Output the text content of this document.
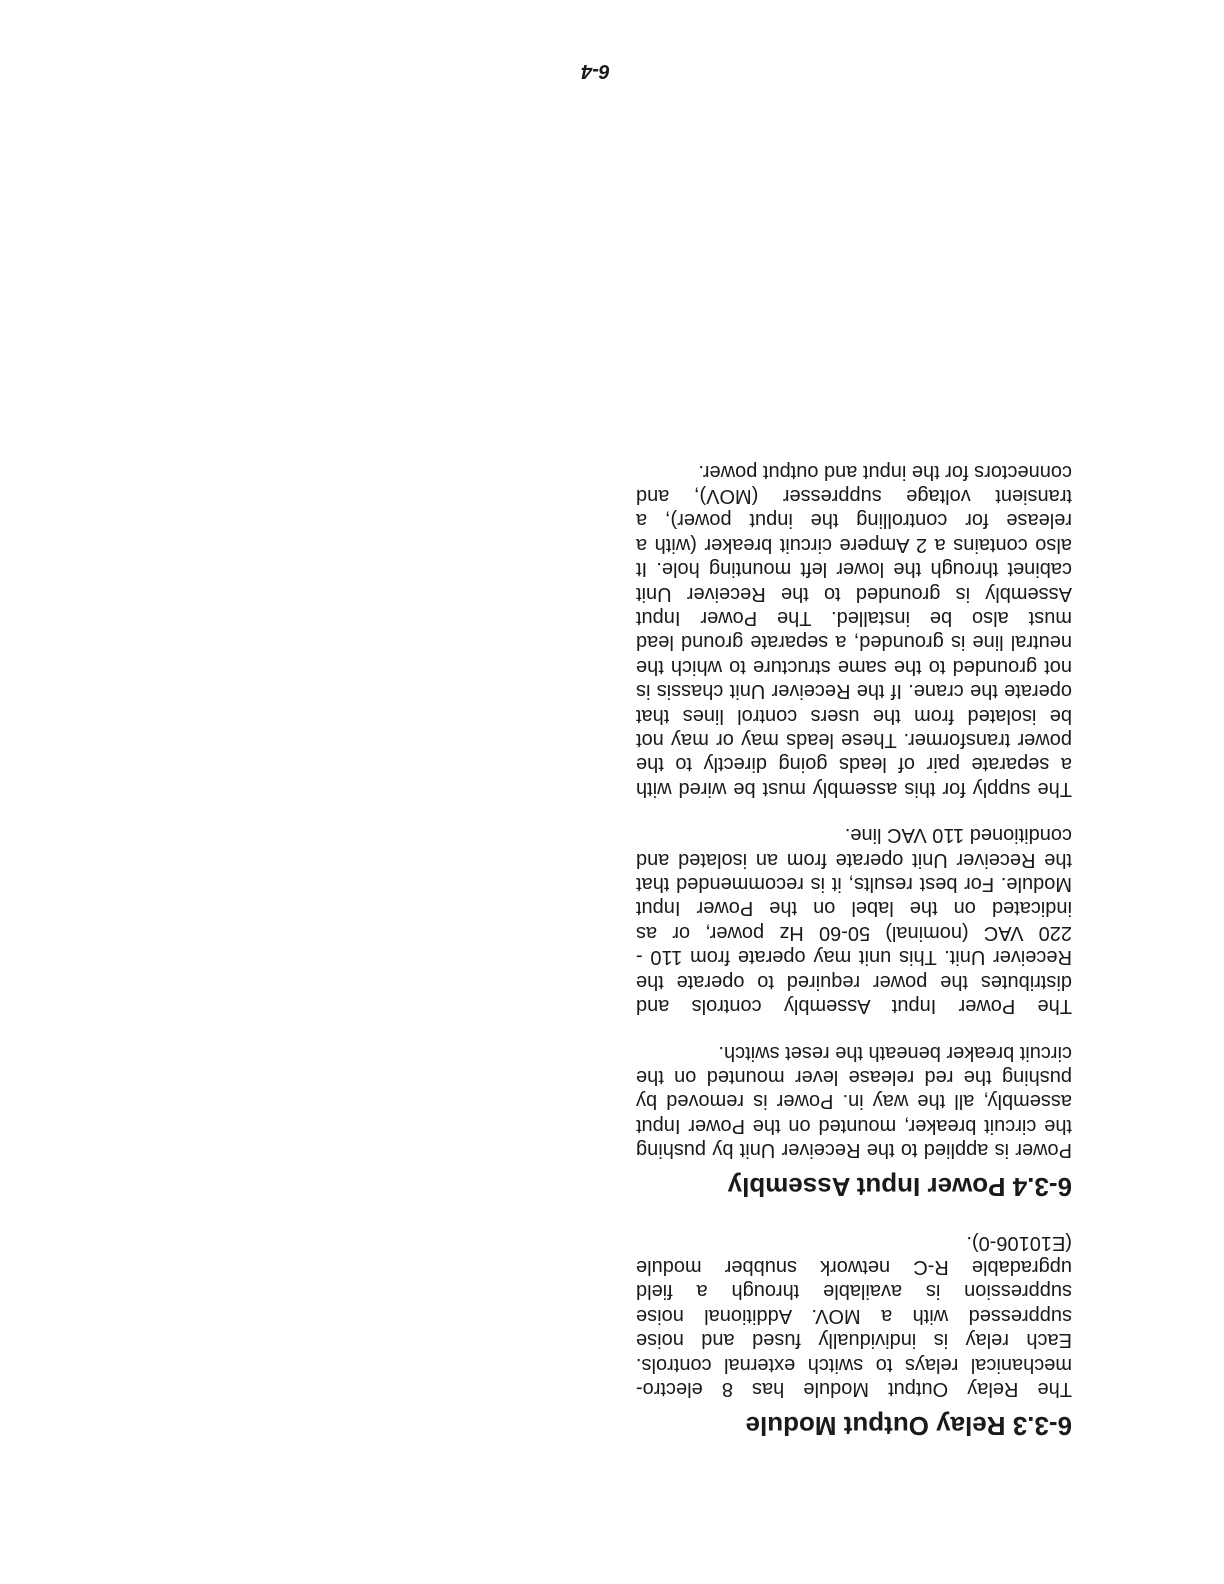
6-3.3 Relay Output Module

The Relay Output Module has 8 electro-mechanical relays to switch external controls. Each relay is individually fused and noise suppressed with a MOV. Additional noise suppression is available through a field upgradable R-C network snubber module (E10106-0).

6-3.4 Power Input Assembly

Power is applied to the Receiver Unit by pushing the circuit breaker, mounted on the Power Input assembly, all the way in. Power is removed by pushing the red release lever mounted on the circuit breaker beneath the reset switch.

The Power Input Assembly controls and distributes the power required to operate the Receiver Unit. This unit may operate from 110 - 220 VAC (nominal) 50-60 Hz power, or as indicated on the label on the Power Input Module. For best results, it is recommended that the Receiver Unit operate from an isolated and conditioned 110 VAC line.

The supply for this assembly must be wired with a separate pair of leads going directly to the power transformer. These leads may or may not be isolated from the users control lines that operate the crane. If the Receiver Unit chassis is not grounded to the same structure to which the neutral line is grounded, a separate ground lead must also be installed. The Power Input Assembly is grounded to the Receiver Unit cabinet through the lower left mounting hole. It also contains a 2 Ampere circuit breaker (with a release for controlling the input power), a transient voltage suppresser (MOV), and connectors for the input and output power.

6-4
